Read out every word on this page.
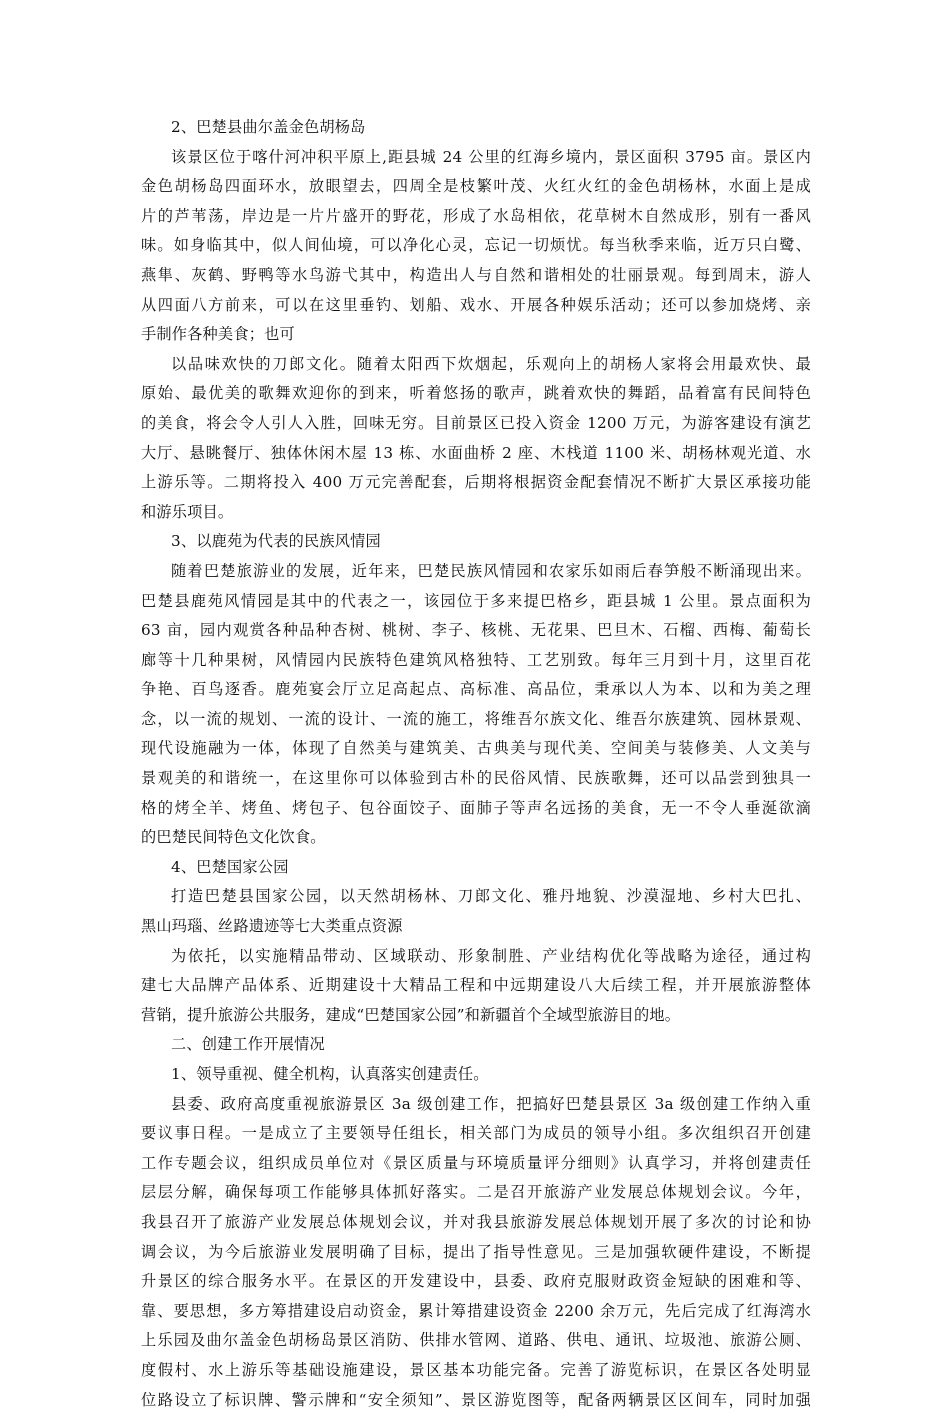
2、巴楚县曲尔盖金色胡杨岛
该景区位于喀什河冲积平原上,距县城 24 公里的红海乡境内，景区面积 3795 亩。景区内
金色胡杨岛四面环水，放眼望去，四周全是枝繁叶茂、火红火红的金色胡杨林，水面上是成
片的芦苇荡，岸边是一片片盛开的野花，形成了水岛相依，花草树木自然成形，别有一番风
味。如身临其中，似人间仙境，可以净化心灵，忘记一切烦忧。每当秋季来临，近万只白鹭、
燕隼、灰鹤、野鸭等水鸟游弋其中，构造出人与自然和谐相处的壮丽景观。每到周末，游人
从四面八方前来，可以在这里垂钓、划船、戏水、开展各种娱乐活动；还可以参加烧烤、亲
手制作各种美食；也可
以品味欢快的刀郎文化。随着太阳西下炊烟起，乐观向上的胡杨人家将会用最欢快、最
原始、最优美的歌舞欢迎你的到来，听着悠扬的歌声，跳着欢快的舞蹈，品着富有民间特色
的美食，将会令人引人入胜，回味无穷。目前景区已投入资金 1200 万元，为游客建设有演艺
大厅、悬眺餐厅、独体休闲木屋 13 栋、水面曲桥 2 座、木栈道 1100 米、胡杨林观光道、水
上游乐等。二期将投入 400 万元完善配套，后期将根据资金配套情况不断扩大景区承接功能
和游乐项目。
3、以鹿苑为代表的民族风情园
随着巴楚旅游业的发展，近年来，巴楚民族风情园和农家乐如雨后春笋般不断涌现出来。
巴楚县鹿苑风情园是其中的代表之一，该园位于多来提巴格乡，距县城 1 公里。景点面积为
63 亩，园内观赏各种品种杏树、桃树、李子、核桃、无花果、巴旦木、石榴、西梅、葡萄长
廊等十几种果树，风情园内民族特色建筑风格独特、工艺别致。每年三月到十月，这里百花
争艳、百鸟逐香。鹿苑宴会厅立足高起点、高标准、高品位，秉承以人为本、以和为美之理
念，以一流的规划、一流的设计、一流的施工，将维吾尔族文化、维吾尔族建筑、园林景观、
现代设施融为一体，体现了自然美与建筑美、古典美与现代美、空间美与装修美、人文美与
景观美的和谐统一，在这里你可以体验到古朴的民俗风情、民族歌舞，还可以品尝到独具一
格的烤全羊、烤鱼、烤包子、包谷面饺子、面肺子等声名远扬的美食，无一不令人垂涎欲滴
的巴楚民间特色文化饮食。
4、巴楚国家公园
打造巴楚县国家公园，以天然胡杨林、刀郎文化、雅丹地貌、沙漠湿地、乡村大巴扎、
黑山玛瑙、丝路遗迹等七大类重点资源
为依托，以实施精品带动、区域联动、形象制胜、产业结构优化等战略为途径，通过构
建七大品牌产品体系、近期建设十大精品工程和中远期建设八大后续工程，并开展旅游整体
营销，提升旅游公共服务，建成“巴楚国家公园”和新疆首个全域型旅游目的地。
二、创建工作开展情况
1、领导重视、健全机构，认真落实创建责任。
县委、政府高度重视旅游景区 3a 级创建工作，把搞好巴楚县景区 3a 级创建工作纳入重
要议事日程。一是成立了主要领导任组长，相关部门为成员的领导小组。多次组织召开创建
工作专题会议，组织成员单位对《景区质量与环境质量评分细则》认真学习，并将创建责任
层层分解，确保每项工作能够具体抓好落实。二是召开旅游产业发展总体规划会议。今年，
我县召开了旅游产业发展总体规划会议，并对我县旅游发展总体规划开展了多次的讨论和协
调会议，为今后旅游业发展明确了目标，提出了指导性意见。三是加强软硬件建设，不断提
升景区的综合服务水平。在景区的开发建设中，县委、政府克服财政资金短缺的困难和等、
靠、要思想，多方筹措建设启动资金，累计筹措建设资金 2200 余万元，先后完成了红海湾水
上乐园及曲尔盖金色胡杨岛景区消防、供排水管网、道路、供电、通讯、垃圾池、旅游公厕、
度假村、水上游乐等基础设施建设，景区基本功能完备。完善了游览标识，在景区各处明显
位路设立了标识牌、警示牌和“安全须知”、景区游览图等，配备两辆景区区间车，同时加强
